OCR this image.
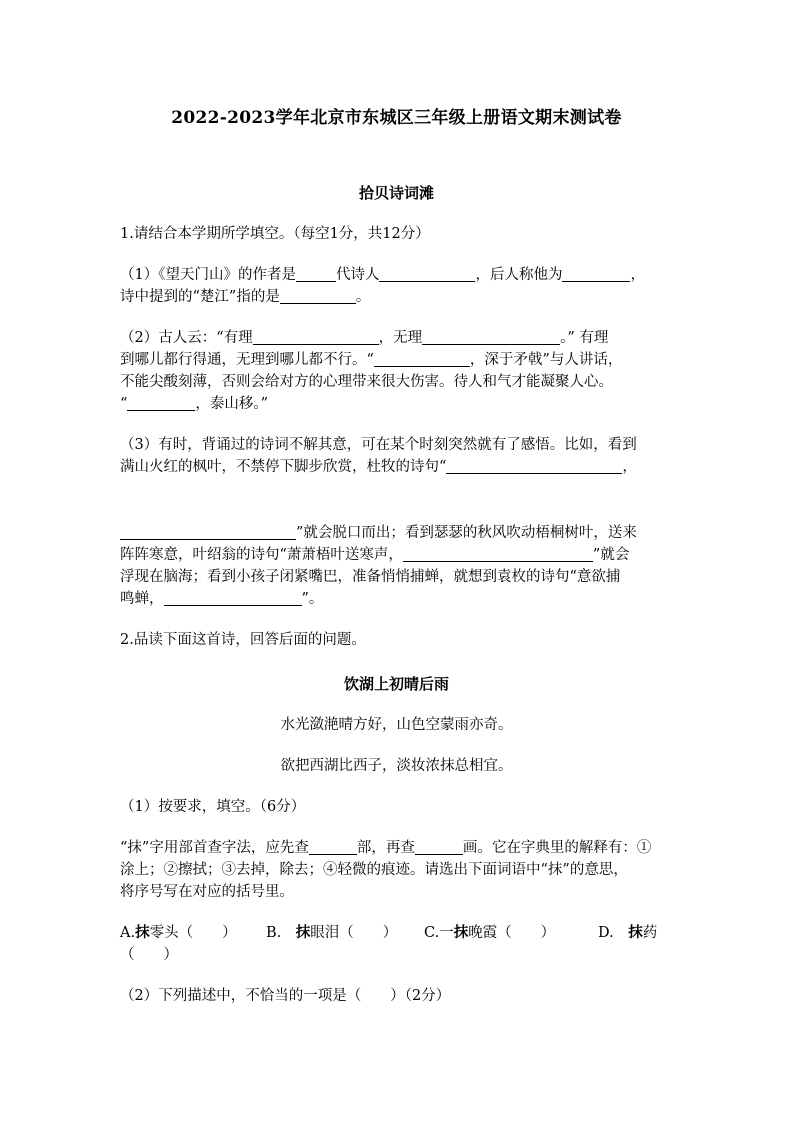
2022-2023学年北京市东城区三年级上册语文期末测试卷
拾贝诗词滩

1.请结合本学期所学填空。（每空1分，共12分）

（1）《望天门山》的作者是	代诗人	，后人称他为	，
诗中提到的“楚江”指的是	。

（2）古人云：“有理	，无理	。” 有理
到哪儿都行得通，无理到哪儿都不行。“	，深于矛戟”与人讲话，
不能尖酸刻薄，否则会给对方的心理带来很大伤害。待人和气才能凝聚人心。
“	，泰山移。”

（3）有时，背诵过的诗词不解其意，可在某个时刻突然就有了感悟。比如，看到
满山火红的枫叶，不禁停下脚步欣赏，杜牧的诗句“	，

”就会脱口而出；看到瑟瑟的秋风吹动梧桐树叶，送来
阵阵寒意，叶绍翁的诗句“萧萧梧叶送寒声，	”就会
浮现在脑海；看到小孩子闭紧嘴巴，准备悄悄捕蝉，就想到袁枚的诗句“意欲捕
鸣蝉，	”。

2.品读下面这首诗，回答后面的问题。

饮湖上初晴后雨

水光潋滟晴方好，山色空蒙雨亦奇。

欲把西湖比西子，淡妆浓抹总相宜。

（1）按要求，填空。（6分）

“抹”字用部首查字法，应先查	部，再查	画。它在字典里的解释有：①
涂上；②擦拭；③去掉，除去；④轻微的痕迹。请选出下面词语中“抹”的意思，
将序号写在对应的括号里。

A.抹零头（　　） B.　抹眼泪（　　） C.一抹晚霞（　　）	D.　抹药
（　　）

（2）下列描述中，不恰当的一项是（　　）（2分）
